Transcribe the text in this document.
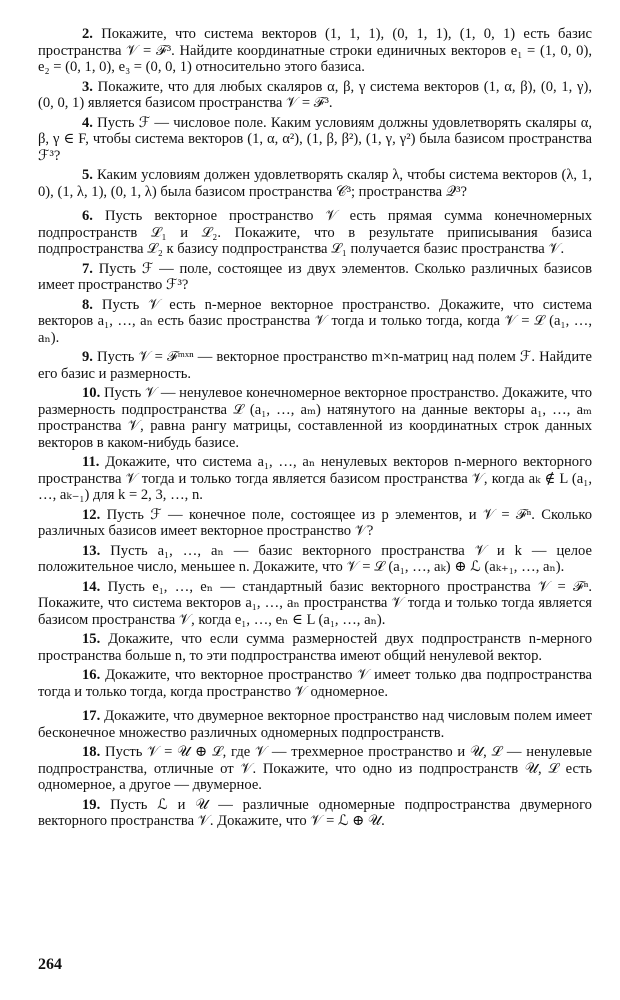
2. Покажите, что система векторов (1, 1, 1), (0, 1, 1), (1, 0, 1) есть базис пространства 𝒱 = ℱ³. Найдите координатные строки единичных векторов e₁ = (1, 0, 0), e₂ = (0, 1, 0), e₃ = (0, 0, 1) относительно этого базиса.

3. Покажите, что для любых скаляров α, β, γ система векторов (1, α, β), (0, 1, γ), (0, 0, 1) является базисом пространства 𝒱 = ℱ³.

4. Пусть ℱ — числовое поле. Каким условиям должны удовлетворять скаляры α, β, γ ∈ F, чтобы система векторов (1, α, α²), (1, β, β²), (1, γ, γ²) была базисом пространства ℱ³?

5. Каким условиям должен удовлетворять скаляр λ, чтобы система векторов (λ, 1, 0), (1, λ, 1), (0, 1, λ) была базисом пространства 𝒞³; пространства 𝒬³?

6. Пусть векторное пространство 𝒱 есть прямая сумма конечномерных подпространств ℒ₁ и ℒ₂. Покажите, что в результате приписывания базиса подпространства ℒ₂ к базису подпространства ℒ₁ получается базис пространства 𝒱.

7. Пусть ℱ — поле, состоящее из двух элементов. Сколько различных базисов имеет пространство ℱ³?

8. Пусть 𝒱 есть n-мерное векторное пространство. Докажите, что система векторов a₁, …, aₙ есть базис пространства 𝒱 тогда и только тогда, когда 𝒱 = ℒ (a₁, …, aₙ).

9. Пусть 𝒱 = ℱᵐˣⁿ — векторное пространство m×n-матриц над полем ℱ. Найдите его базис и размерность.

10. Пусть 𝒱 — ненулевое конечномерное векторное пространство. Докажите, что размерность подпространства ℒ (a₁, …, aₘ) натянутого на данные векторы a₁, …, aₘ пространства 𝒱, равна рангу матрицы, составленной из координатных строк данных векторов в каком-нибудь базисе.

11. Докажите, что система a₁, …, aₙ ненулевых векторов n-мерного векторного пространства 𝒱 тогда и только тогда является базисом пространства 𝒱, когда aₖ ∉ L (a₁, …, aₖ₋₁) для k = 2, 3, …, n.

12. Пусть ℱ — конечное поле, состоящее из p элементов, и 𝒱 = ℱⁿ. Сколько различных базисов имеет векторное пространство 𝒱?

13. Пусть a₁, …, aₙ — базис векторного пространства 𝒱 и k — целое положительное число, меньшее n. Докажите, что 𝒱 = ℒ (a₁, …, aₖ) ⊕ ℒ (aₖ₊₁, …, aₙ).

14. Пусть e₁, …, eₙ — стандартный базис векторного пространства 𝒱 = ℱⁿ. Покажите, что система векторов a₁, …, aₙ пространства 𝒱 тогда и только тогда является базисом пространства 𝒱, когда e₁, …, eₙ ∈ L (a₁, …, aₙ).

15. Докажите, что если сумма размерностей двух подпространств n-мерного пространства больше n, то эти подпространства имеют общий ненулевой вектор.

16. Докажите, что векторное пространство 𝒱 имеет только два подпространства тогда и только тогда, когда пространство 𝒱 одномерное.

17. Докажите, что двумерное векторное пространство над числовым полем имеет бесконечное множество различных одномерных подпространств.

18. Пусть 𝒱 = 𝒰 ⊕ ℒ, где 𝒱 — трехмерное пространство и 𝒰, ℒ — ненулевые подпространства, отличные от 𝒱. Покажите, что одно из подпространств 𝒰, ℒ есть одномерное, а другое — двумерное.

19. Пусть ℒ и 𝒰 — различные одномерные подпространства двумерного векторного пространства 𝒱. Докажите, что 𝒱 = ℒ ⊕ 𝒰.

264
